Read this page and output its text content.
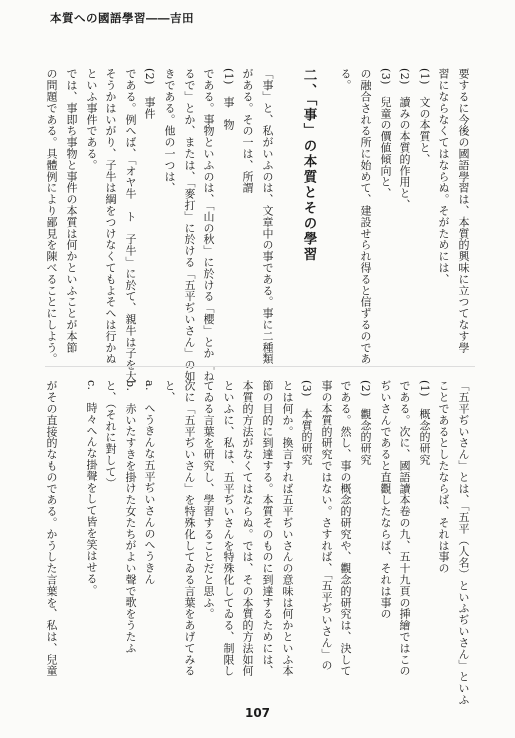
本質への國語學習――吉田
要するに今後の國語學習は、本質的興味に立つてなす學
習にならなくてはならぬ。そがためには、
(1)　文の本質と、
(2)　讀みの本質的作用と、
(3)　兒童の價値傾向と、
の融合される所に始めて、建設せられ得ると信ずるのであ
る。
二、「事」の本質とその學習
「事」と、私がいふのは、文章中の事である。事に二種類
がある。その一は、所謂
(1)　事　物
である。事物といふのは、「山の秋」に於ける「櫻」とか「ね
るで」とか、または、「麥打」に於ける「五平ぢいさん」の如
きである。他の一つは、
(2)　事件
である。例へば、「オヤ牛　ト　子牛」に於て、親牛は子を大
そうかはいがり、子牛は綱をつけなくてもよそへは行かぬ
といふ事件である。
では、事即ち事物と事件の本質は何かといふことが本節
の問題である。具體例により鄙見を陳べることにしよう。
「五平ぢいさん」とは、「五平（人名）といふぢいさん」といふ
ことであるとしたならば、それは事の
(1)　概念的研究
である。次に、國語讀本卷の九、五十九頁の挿繪ではこの
ぢいさんであると直觀したならば、それは事の
(2)　觀念的研究
である。然し、事の概念的研究や、觀念的研究は、決して
事の本質的研究ではない。さすれば、「五平ぢいさん」の
(3)　本質的研究
とは何か。換言すれば五平ぢいさんの意味は何かといふ本
節の目的に到達する。本質そのものに到達するためには、
本質的方法がなくてはならぬ。では、その本質的方法如何
といふに、私は、五平ぢいさんを特殊化してゐる、制限し
てゐる言葉を研究し、學習することだと思ふ。
次に「五平ぢいさん」を特殊化してゐる言葉をあげてみる
と、
a.　へうきんな五平ぢいさんのへうきん
b.　赤いたすきを掛けた女たちがよい聲で歌をうたふ
と、（それに對して）
c.　時々へんな掛聲をして皆を笑はせる。
がその直接的なものである。かうした言葉を、私は、兒童
107
